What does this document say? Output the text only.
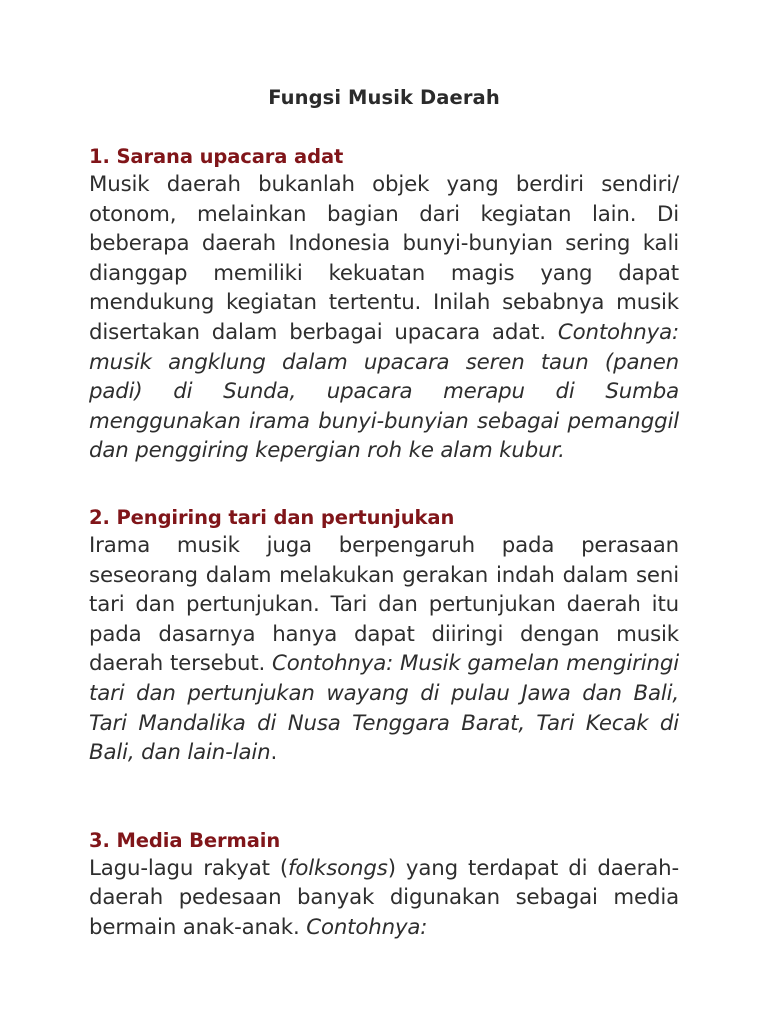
Fungsi Musik Daerah
1. Sarana upacara adat

Musik daerah bukanlah objek yang berdiri sendiri/ otonom, melainkan bagian dari kegiatan lain. Di beberapa daerah Indonesia bunyi-bunyian sering kali dianggap memiliki kekuatan magis yang dapat mendukung kegiatan tertentu. Inilah sebabnya musik disertakan dalam berbagai upacara adat. Contohnya: musik angklung dalam upacara seren taun (panen padi) di Sunda, upacara merapu di Sumba menggunakan irama bunyi-bunyian sebagai pemanggil dan penggiring kepergian roh ke alam kubur.

2. Pengiring tari dan pertunjukan

Irama musik juga berpengaruh pada perasaan seseorang dalam melakukan gerakan indah dalam seni tari dan pertunjukan. Tari dan pertunjukan daerah itu pada dasarnya hanya dapat diiringi dengan musik daerah tersebut. Contohnya: Musik gamelan mengiringi tari dan pertunjukan wayang di pulau Jawa dan Bali, Tari Mandalika di Nusa Tenggara Barat, Tari Kecak di Bali, dan lain-lain.

3. Media Bermain

Lagu-lagu rakyat (folksongs) yang terdapat di daerah-daerah pedesaan banyak digunakan sebagai media bermain anak-anak. Contohnya:
